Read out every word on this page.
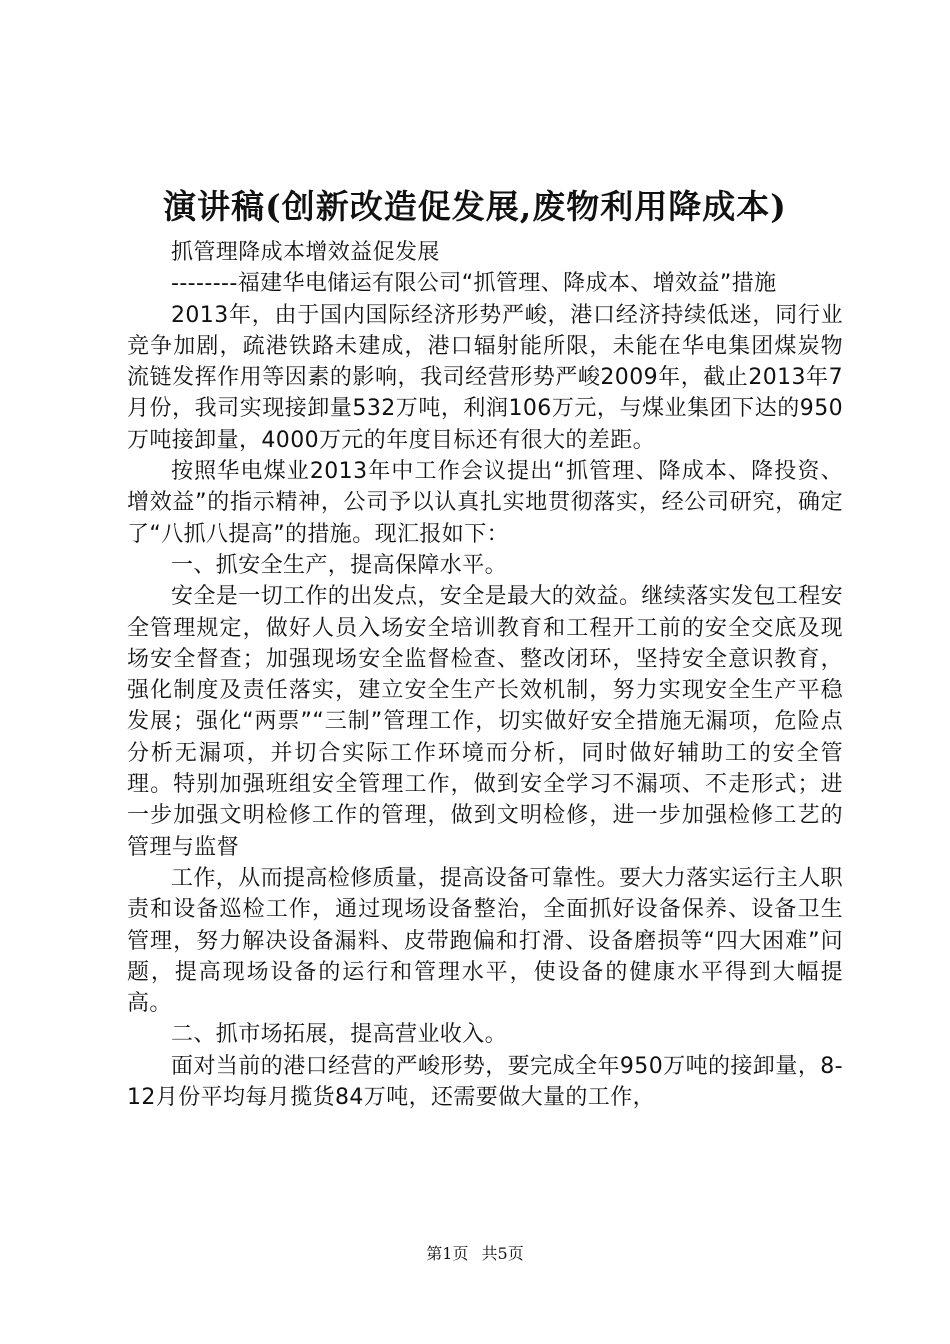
演讲稿(创新改造促发展,废物利用降成本)

抓管理降成本增效益促发展

--------福建华电储运有限公司“抓管理、降成本、增效益”措施

2013年，由于国内国际经济形势严峻，港口经济持续低迷，同行业竞争加剧，疏港铁路未建成，港口辐射能所限，未能在华电集团煤炭物流链发挥作用等因素的影响，我司经营形势严峻2009年，截止2013年7月份，我司实现接卸量532万吨，利润106万元，与煤业集团下达的950万吨接卸量，4000万元的年度目标还有很大的差距。

按照华电煤业2013年中工作会议提出“抓管理、降成本、降投资、增效益”的指示精神，公司予以认真扎实地贯彻落实，经公司研究，确定了“八抓八提高”的措施。现汇报如下：

一、抓安全生产，提高保障水平。

安全是一切工作的出发点，安全是最大的效益。继续落实发包工程安全管理规定，做好人员入场安全培训教育和工程开工前的安全交底及现场安全督查；加强现场安全监督检查、整改闭环，坚持安全意识教育，强化制度及责任落实，建立安全生产长效机制，努力实现安全生产平稳发展；强化“两票”“三制”管理工作，切实做好安全措施无漏项，危险点分析无漏项，并切合实际工作环境而分析，同时做好辅助工的安全管理。特别加强班组安全管理工作，做到安全学习不漏项、不走形式；进一步加强文明检修工作的管理，做到文明检修，进一步加强检修工艺的管理与监督

工作，从而提高检修质量，提高设备可靠性。要大力落实运行主人职责和设备巡检工作，通过现场设备整治，全面抓好设备保养、设备卫生管理，努力解决设备漏料、皮带跑偏和打滑、设备磨损等“四大困难”问题，提高现场设备的运行和管理水平，使设备的健康水平得到大幅提高。

二、抓市场拓展，提高营业收入。

面对当前的港口经营的严峻形势，要完成全年950万吨的接卸量，8-12月份平均每月揽货84万吨，还需要做大量的工作，

第1页 共5页
